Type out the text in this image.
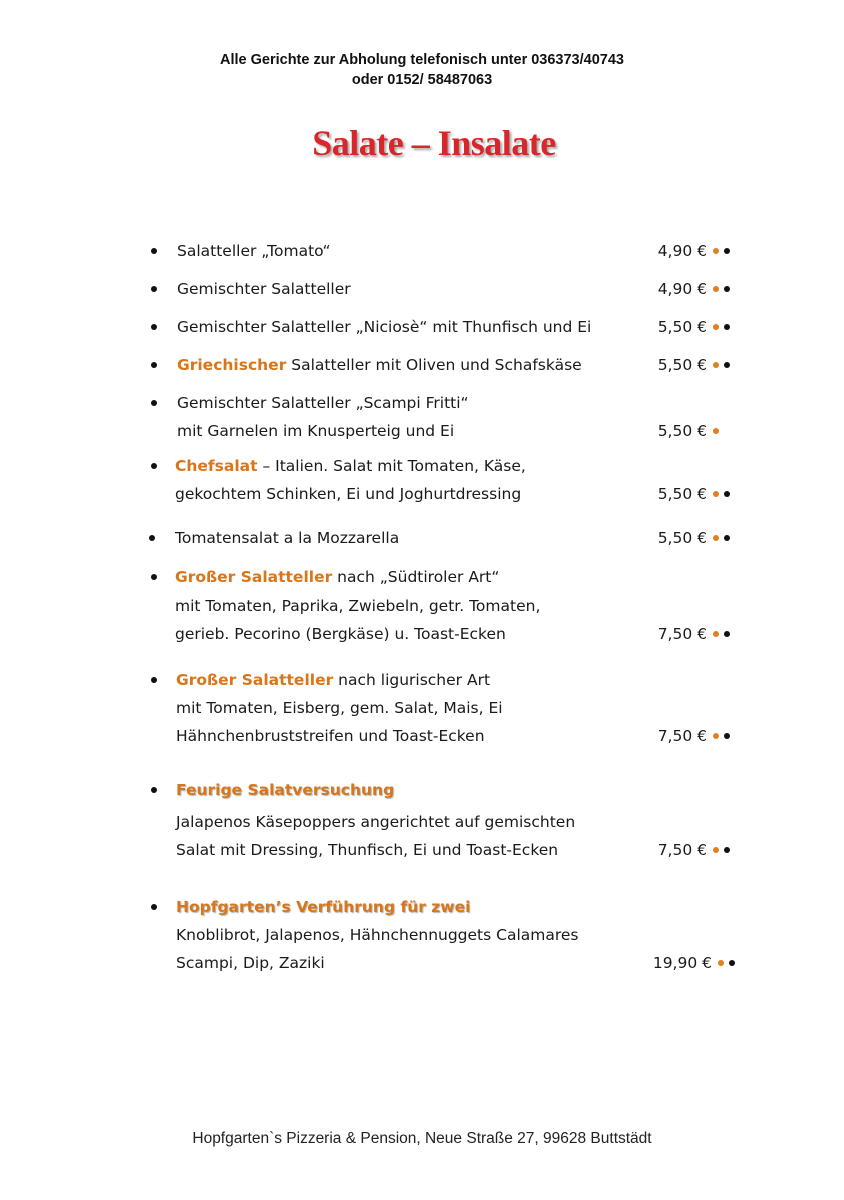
Alle Gerichte zur Abholung telefonisch unter 036373/40743
oder 0152/ 58487063
Salate – Insalate
Salatteller „Tomato“	4,90 €
Gemischter Salatteller	4,90 €
Gemischter Salatteller „Niciosè“ mit Thunfisch und Ei	5,50 €
Griechischer Salatteller mit Oliven und Schafskäse	5,50 €
Gemischter Salatteller „Scampi Fritti“
mit Garnelen im Knusperteig und Ei	5,50 €
Chefsalat – Italien. Salat mit Tomaten, Käse,
gekochtem Schinken, Ei und Joghurtdressing	5,50 €
Tomatensalat a la Mozzarella	5,50 €
Großer Salatteller nach „Südtiroler Art“
mit Tomaten, Paprika, Zwiebeln, getr. Tomaten,
gerieb. Pecorino (Bergkäse) u. Toast-Ecken	7,50 €
Großer Salatteller nach ligurischer Art
mit Tomaten, Eisberg, gem. Salat, Mais, Ei
Hähnchenbruststreifen und Toast-Ecken	7,50 €
Feurige Salatversuchung
Jalapenos Käsepoppers angerichtet auf gemischten
Salat mit Dressing, Thunfisch, Ei und Toast-Ecken	7,50 €
Hopfgarten’s Verführung für zwei
Knoblibrot, Jalapenos, Hähnchennuggets Calamares
Scampi, Dip, Zaziki	19,90 €
Hopfgarten`s Pizzeria & Pension, Neue Straße 27, 99628 Buttstädt
